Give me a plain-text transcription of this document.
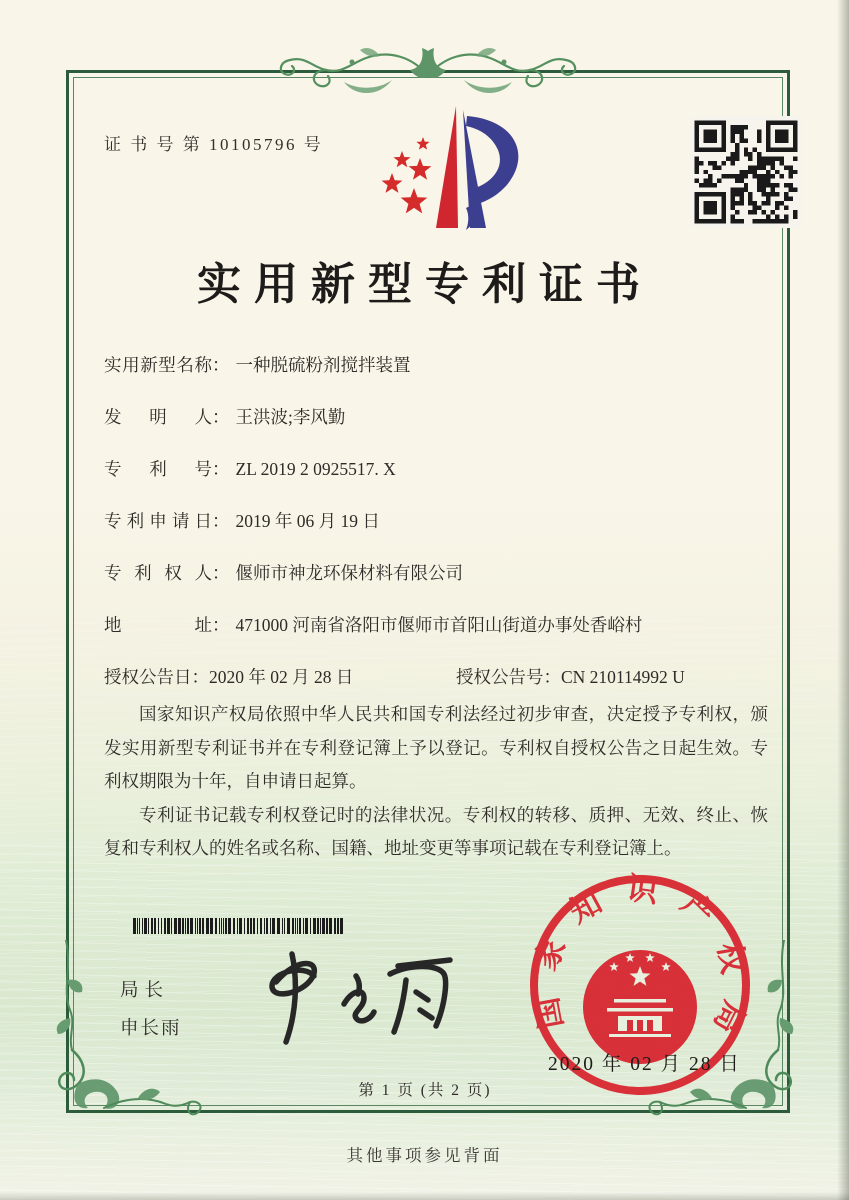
证 书 号 第 10105796 号
实用新型专利证书
实用新型名称： 一种脱硫粉剂搅拌装置
发明人： 王洪波;李风勤
专利号： ZL 2019 2 0925517. X
专利申请日： 2019 年 06 月 19 日
专利权人： 偃师市神龙环保材料有限公司
地址： 471000 河南省洛阳市偃师市首阳山街道办事处香峪村
授权公告日：2020 年 02 月 28 日	授权公告号：CN 210114992 U

国家知识产权局依照中华人民共和国专利法经过初步审查，决定授予专利权，颁发实用新型专利证书并在专利登记簿上予以登记。专利权自授权公告之日起生效。专利权期限为十年，自申请日起算。

专利证书记载专利权登记时的法律状况。专利权的转移、质押、无效、终止、恢复和专利权人的姓名或名称、国籍、地址变更等事项记载在专利登记簿上。

局长
申长雨	国家知识产权局
2020 年 02 月 28 日
第 1 页 (共 2 页)
其他事项参见背面
